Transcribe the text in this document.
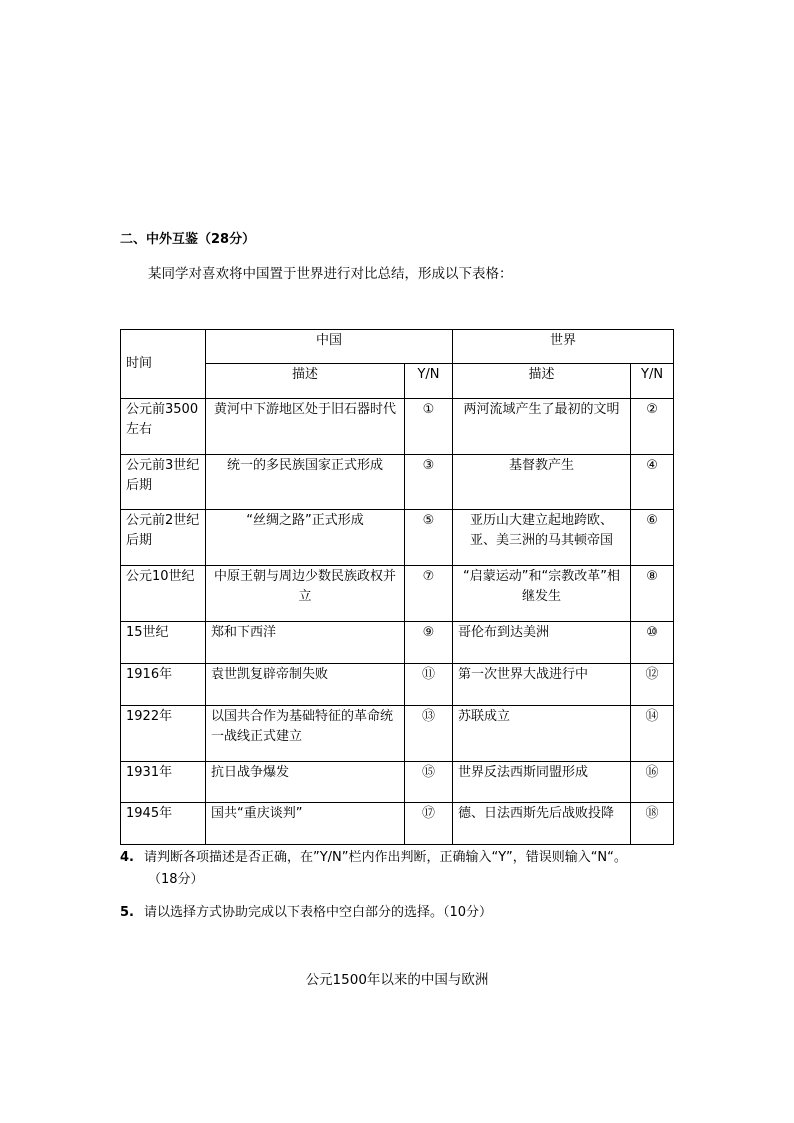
二、中外互鉴（28分）
某同学对喜欢将中国置于世界进行对比总结，形成以下表格：
时间	中国		世界	
	描述	Y/N	描述	Y/N
公元前3500左右	黄河中下游地区处于旧石器时代	①	两河流域产生了最初的文明	②
公元前3世纪后期	统一的多民族国家正式形成	③	基督教产生	④
公元前2世纪后期	“丝绸之路”正式形成	⑤	亚历山大建立起地跨欧、亚、美三洲的马其顿帝国	⑥
公元10世纪	中原王朝与周边少数民族政权并立	⑦	“启蒙运动”和“宗教改革”相继发生	⑧
15世纪	郑和下西洋	⑨	哥伦布到达美洲	⑩
1916年	袁世凯复辟帝制失败	⑪	第一次世界大战进行中	⑫
1922年	以国共合作为基础特征的革命统一战线正式建立	⑬	苏联成立	⑭
1931年	抗日战争爆发	⑮	世界反法西斯同盟形成	⑯
1945年	国共“重庆谈判”	⑰	德、日法西斯先后战败投降	⑱
4. 请判断各项描述是否正确，在”Y/N”栏内作出判断，正确输入“Y”，错误则输入“N“。
（18分）
5. 请以选择方式协助完成以下表格中空白部分的选择。（10分）
公元1500年以来的中国与欧洲
